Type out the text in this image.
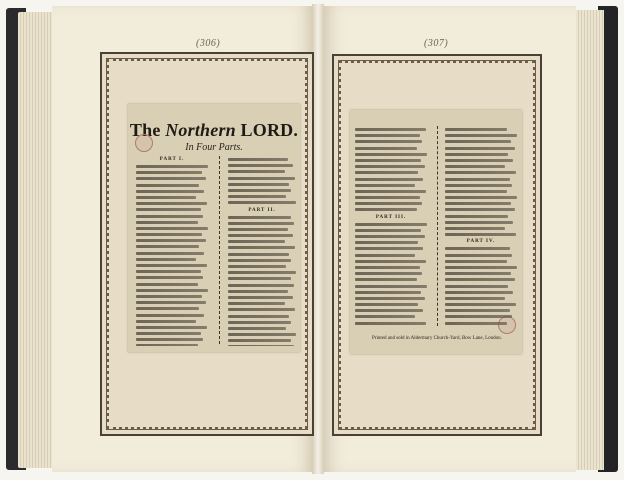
(306)	(307)
The Northern LORD.
In Four Parts.
PART I.
PART II.
PART III.
PART IV.
Printed and sold in Aldermary Church-Yard, Bow Lane, London.
